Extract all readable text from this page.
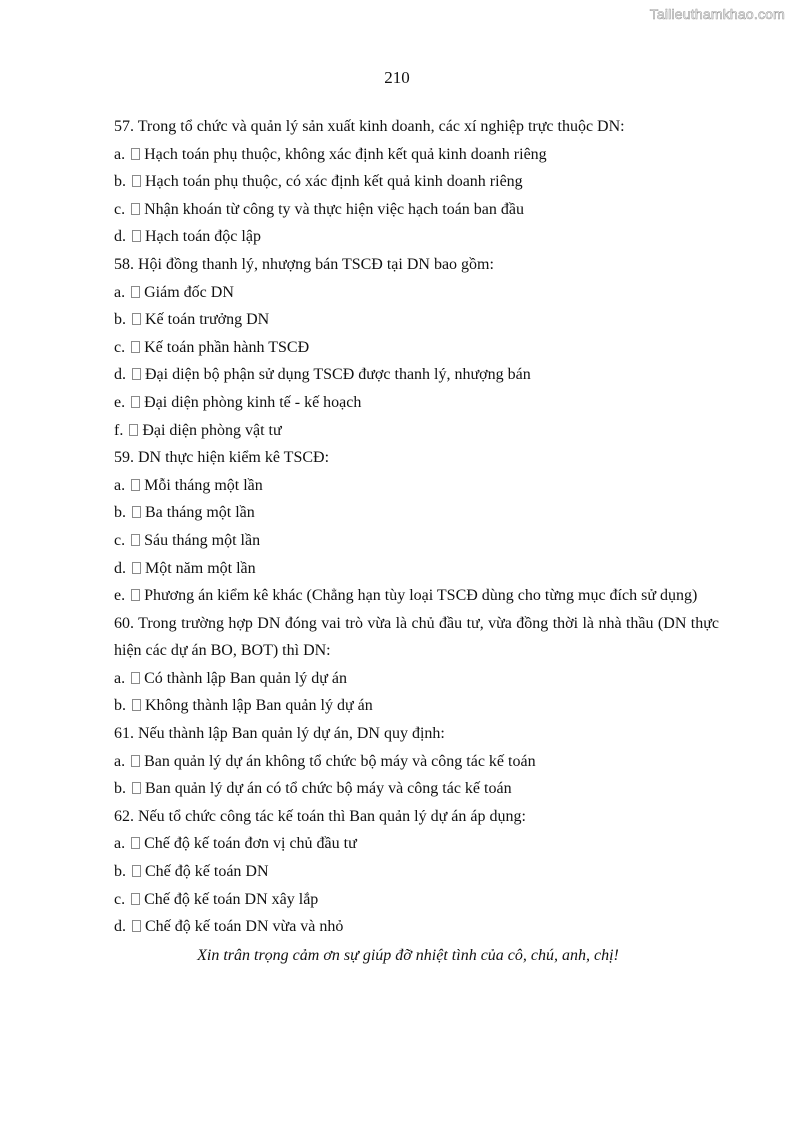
Tailieuthamkhao.com
210

57. Trong tổ chức và quản lý sản xuất kinh doanh, các xí nghiệp trực thuộc DN:

a. Hạch toán phụ thuộc, không xác định kết quả kinh doanh riêng

b. Hạch toán phụ thuộc, có xác định kết quả kinh doanh riêng

c. Nhận khoán từ công ty và thực hiện việc hạch toán ban đầu

d. Hạch toán độc lập

58. Hội đồng thanh lý, nhượng bán TSCĐ tại DN bao gồm:

a. Giám đốc DN

b. Kế toán trưởng DN

c. Kế toán phần hành TSCĐ

d. Đại diện bộ phận sử dụng TSCĐ được thanh lý, nhượng bán

e. Đại diện phòng kinh tế - kế hoạch

f. Đại diện phòng vật tư

59. DN thực hiện kiểm kê TSCĐ:

a. Mỗi tháng một lần

b. Ba tháng một lần

c. Sáu tháng một lần

d. Một năm một lần

e. Phương án kiểm kê khác (Chẳng hạn tùy loại TSCĐ dùng cho từng mục đích sử dụng)

60. Trong trường hợp DN đóng vai trò vừa là chủ đầu tư, vừa đồng thời là nhà thầu (DN thực hiện các dự án BO, BOT) thì DN:

a. Có thành lập Ban quản lý dự án

b. Không thành lập Ban quản lý dự án

61. Nếu thành lập Ban quản lý dự án, DN quy định:

a. Ban quản lý dự án không tổ chức bộ máy và công tác kế toán

b. Ban quản lý dự án có tổ chức bộ máy và công tác kế toán

62. Nếu tổ chức công tác kế toán thì Ban quản lý dự án áp dụng:

a. Chế độ kế toán đơn vị chủ đầu tư

b. Chế độ kế toán DN

c. Chế độ kế toán DN xây lắp

d. Chế độ kế toán DN vừa và nhỏ

Xin trân trọng cảm ơn sự giúp đỡ nhiệt tình của cô, chú, anh, chị!
